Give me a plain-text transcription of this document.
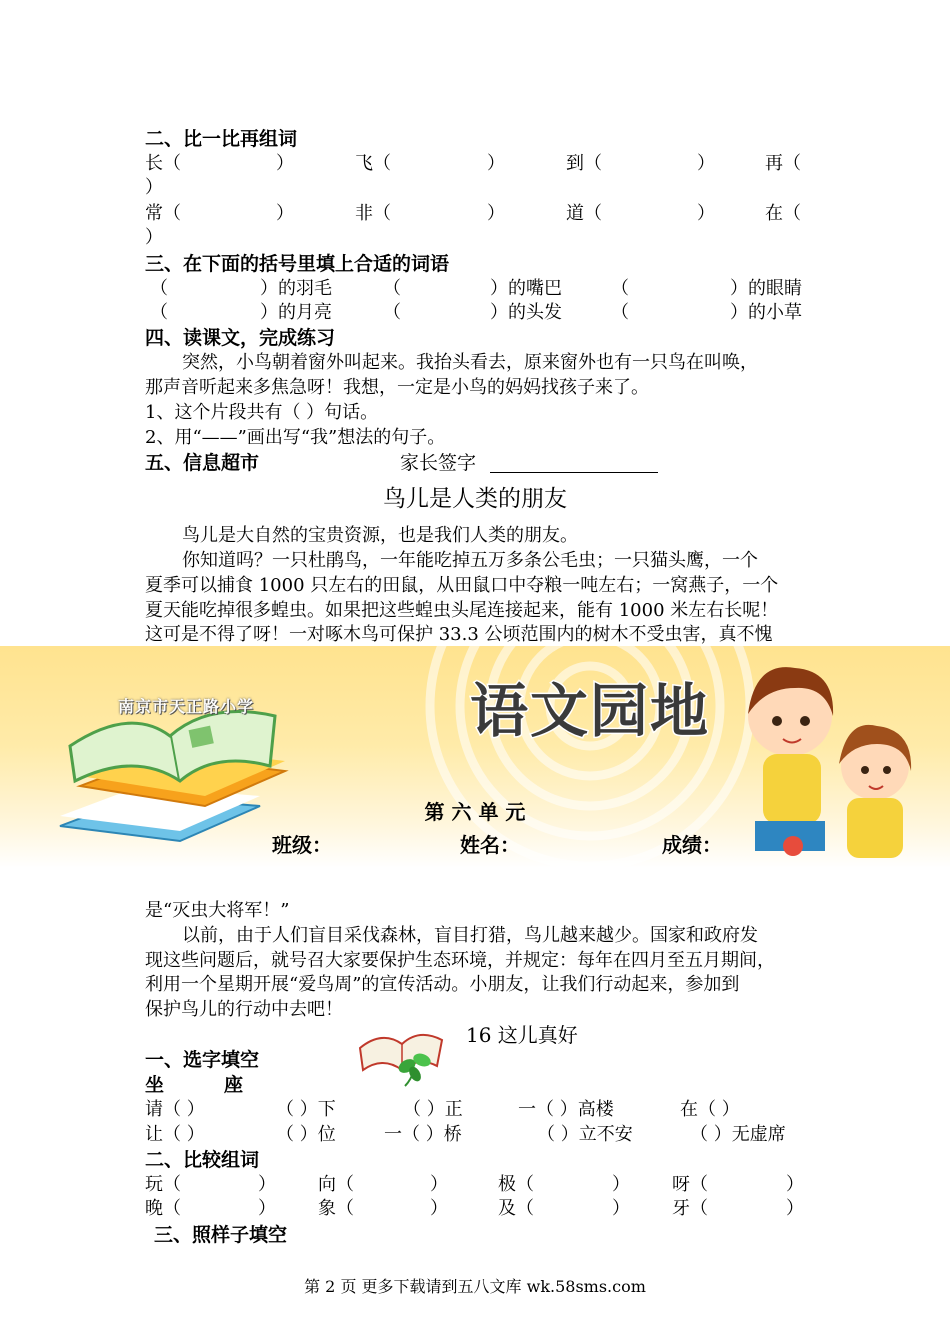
二、比一比再组词
长（	）	飞（	）	到（	）	再（
）
常（	）	非（	）	道（	）	在（
）
三、在下面的括号里填上合适的词语
（	）的羽毛	（	）的嘴巴	（	）的眼睛
（	）的月亮	（	）的头发	（	）的小草
四、读课文，完成练习
突然，小鸟朝着窗外叫起来。我抬头看去，原来窗外也有一只鸟在叫唤，
那声音听起来多焦急呀！我想，一定是小鸟的妈妈找孩子来了。
1、这个片段共有（ ）句话。
2、用“——”画出写“我”想法的句子。
五、信息超市	家长签字
鸟儿是人类的朋友
鸟儿是大自然的宝贵资源，也是我们人类的朋友。
你知道吗？一只杜鹃鸟，一年能吃掉五万多条公毛虫；一只猫头鹰，一个
夏季可以捕食 1000 只左右的田鼠，从田鼠口中夺粮一吨左右；一窝燕子，一个
夏天能吃掉很多蝗虫。如果把这些蝗虫头尾连接起来，能有 1000 米左右长呢！
这可是不得了呀！一对啄木鸟可保护 33.3 公顷范围内的树木不受虫害，真不愧
南京市天正路小学	语文园地
第 六 单 元
班级：	姓名：	成绩：
是“灭虫大将军！”
以前，由于人们盲目采伐森林，盲目打猎，鸟儿越来越少。国家和政府发
现这些问题后，就号召大家要保护生态环境，并规定：每年在四月至五月期间，
利用一个星期开展“爱鸟周”的宣传活动。小朋友，让我们行动起来，参加到
保护鸟儿的行动中去吧！
16 这儿真好
一、选字填空
坐	座
请（ ）	（ ）下	（ ）正	一（ ）高楼	在（ ）
让（ ）	（ ）位	一（ ）桥	（ ）立不安	（ ）无虚席
二、比较组词
玩（	） 向（	）	极（	） 呀（	）
晚（	） 象（	）	及（	） 牙（	）
三、照样子填空
第 2 页 更多下载请到五八文库 wk.58sms.com
